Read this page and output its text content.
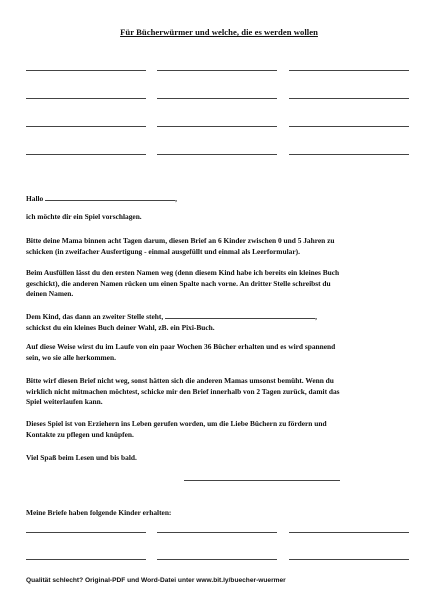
Für Bücherwürmer und welche, die es werden wollen
Hallo	,
ich möchte dir ein Spiel vorschlagen.
Bitte deine Mama binnen acht Tagen darum, diesen Brief an 6 Kinder zwischen 0 und 5 Jahren zu
schicken (in zweifacher Ausfertigung - einmal ausgefüllt und einmal als Leerformular).
Beim Ausfüllen lässt du den ersten Namen weg (denn diesem Kind habe ich bereits ein kleines Buch
geschickt), die anderen Namen rücken um einen Spalte nach vorne. An dritter Stelle schreibst du
deinen Namen.
Dem Kind, das dann an zweiter Stelle steht,	,
schickst du ein kleines Buch deiner Wahl, zB. ein Pixi-Buch.
Auf diese Weise wirst du im Laufe von ein paar Wochen 36 Bücher erhalten und es wird spannend
sein, wo sie alle herkommen.
Bitte wirf diesen Brief nicht weg, sonst hätten sich die anderen Mamas umsonst bemüht. Wenn du
wirklich nicht mitmachen möchtest, schicke mir den Brief innerhalb von 2 Tagen zurück, damit das
Spiel weiterlaufen kann.
Dieses Spiel ist von Erziehern ins Leben gerufen worden, um die Liebe Büchern zu fördern und
Kontakte zu pflegen und knüpfen.
Viel Spaß beim Lesen und bis bald.
Meine Briefe haben folgende Kinder erhalten:
Qualität schlecht? Original-PDF und Word-Datei unter www.bit.ly/buecher-wuermer
